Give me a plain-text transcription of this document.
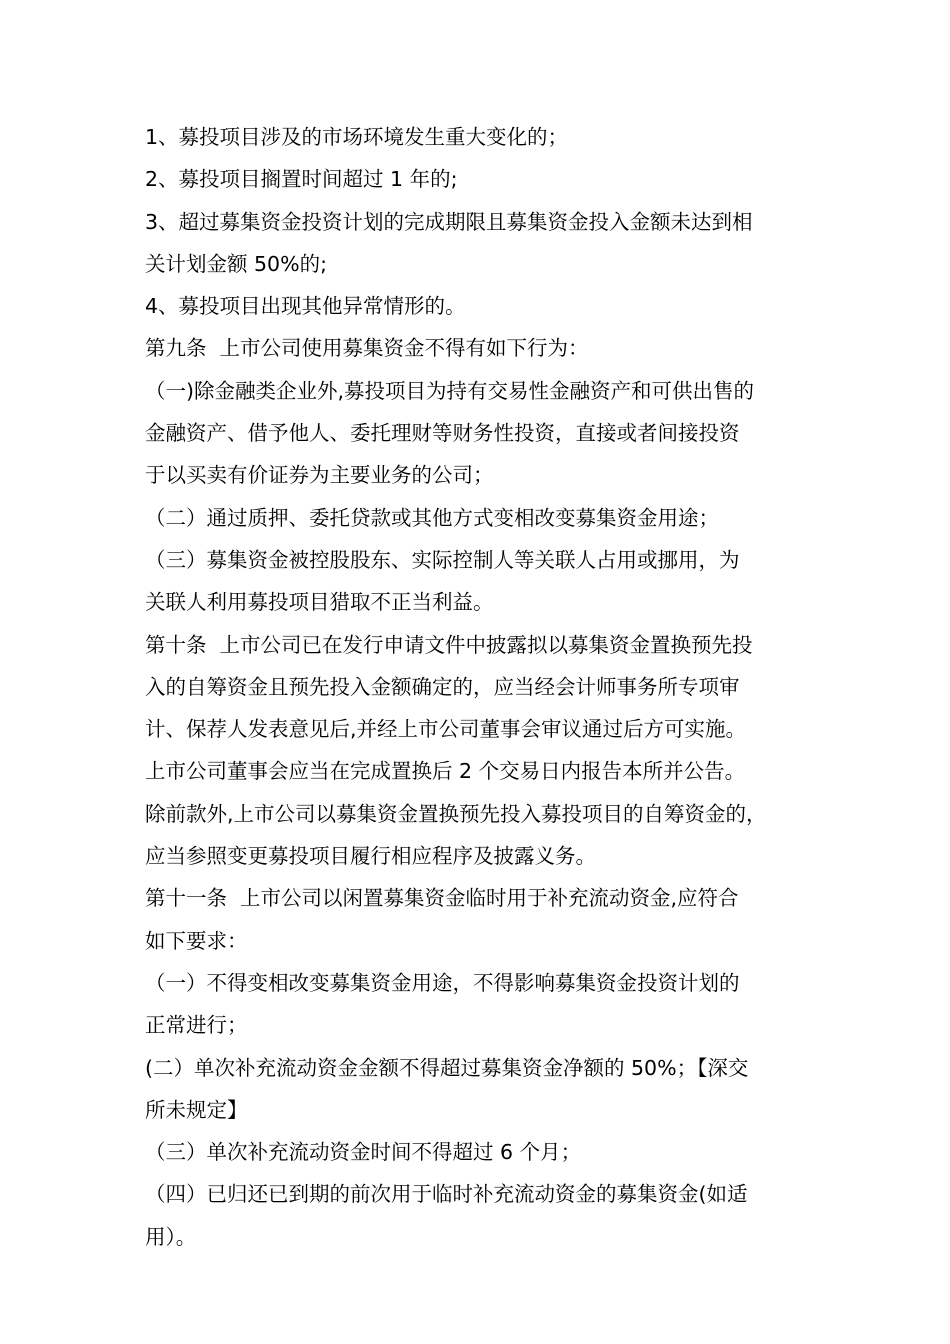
1、募投项目涉及的市场环境发生重大变化的；
2、募投项目搁置时间超过 1 年的;
3、超过募集资金投资计划的完成期限且募集资金投入金额未达到相
关计划金额 50%的;
4、募投项目出现其他异常情形的。
第九条  上市公司使用募集资金不得有如下行为：
（一)除金融类企业外,募投项目为持有交易性金融资产和可供出售的
金融资产、借予他人、委托理财等财务性投资，直接或者间接投资
于以买卖有价证券为主要业务的公司；
（二）通过质押、委托贷款或其他方式变相改变募集资金用途；
（三）募集资金被控股股东、实际控制人等关联人占用或挪用，为
关联人利用募投项目猎取不正当利益。
第十条  上市公司已在发行申请文件中披露拟以募集资金置换预先投
入的自筹资金且预先投入金额确定的，应当经会计师事务所专项审
计、保荐人发表意见后,并经上市公司董事会审议通过后方可实施。
上市公司董事会应当在完成置换后 2 个交易日内报告本所并公告。
除前款外,上市公司以募集资金置换预先投入募投项目的自筹资金的，
应当参照变更募投项目履行相应程序及披露义务。
第十一条  上市公司以闲置募集资金临时用于补充流动资金,应符合
如下要求：
（一）不得变相改变募集资金用途，不得影响募集资金投资计划的
正常进行；
(二）单次补充流动资金金额不得超过募集资金净额的 50%；【深交
所未规定】
（三）单次补充流动资金时间不得超过 6 个月；
（四）已归还已到期的前次用于临时补充流动资金的募集资金(如适
用）。
